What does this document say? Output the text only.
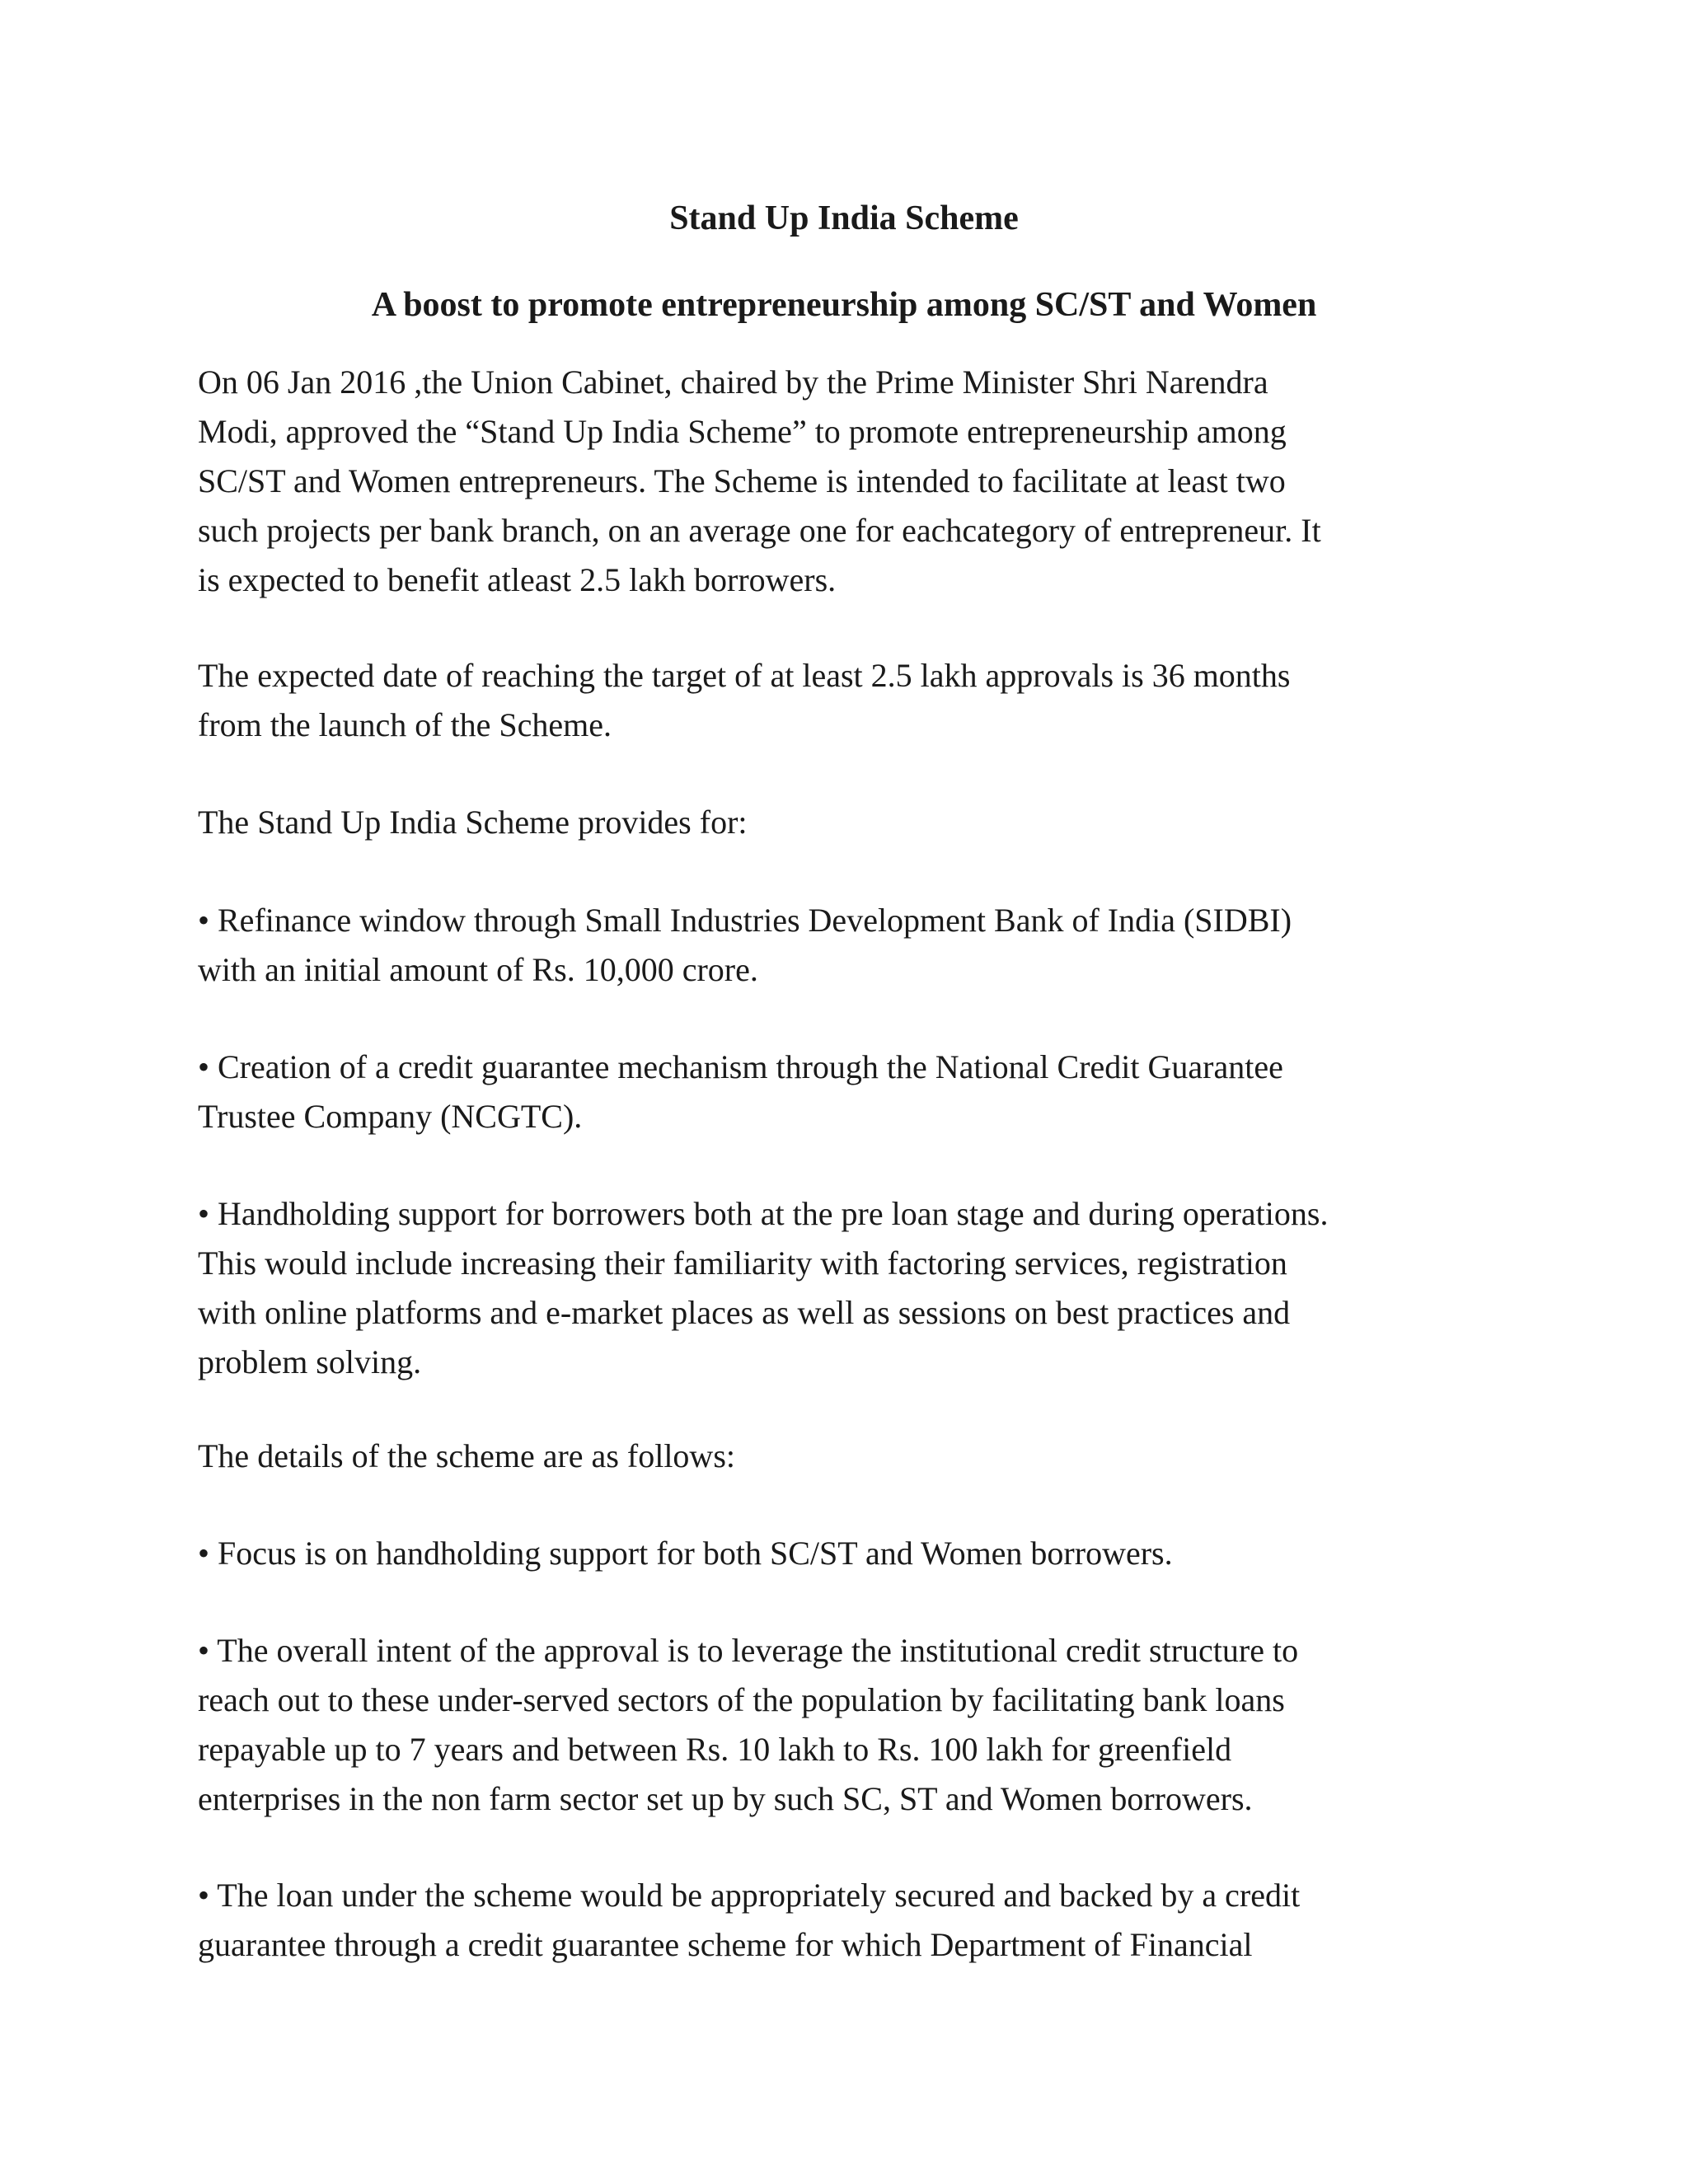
Stand Up India Scheme
A boost to promote entrepreneurship among SC/ST and Women

On 06 Jan 2016 ,the Union Cabinet, chaired by the Prime Minister Shri Narendra
Modi, approved the “Stand Up India Scheme” to promote entrepreneurship among
SC/ST and Women entrepreneurs. The Scheme is intended to facilitate at least two
such projects per bank branch, on an average one for eachcategory of entrepreneur. It
is expected to benefit atleast 2.5 lakh borrowers.

The expected date of reaching the target of at least 2.5 lakh approvals is 36 months
from the launch of the Scheme.

The Stand Up India Scheme provides for:

• Refinance window through Small Industries Development Bank of India (SIDBI)
with an initial amount of Rs. 10,000 crore.

• Creation of a credit guarantee mechanism through the National Credit Guarantee
Trustee Company (NCGTC).

• Handholding support for borrowers both at the pre loan stage and during operations.
This would include increasing their familiarity with factoring services, registration
with online platforms and e-market places as well as sessions on best practices and
problem solving.

The details of the scheme are as follows:

• Focus is on handholding support for both SC/ST and Women borrowers.

• The overall intent of the approval is to leverage the institutional credit structure to
reach out to these under-served sectors of the population by facilitating bank loans
repayable up to 7 years and between Rs. 10 lakh to Rs. 100 lakh for greenfield
enterprises in the non farm sector set up by such SC, ST and Women borrowers.

• The loan under the scheme would be appropriately secured and backed by a credit
guarantee through a credit guarantee scheme for which Department of Financial
